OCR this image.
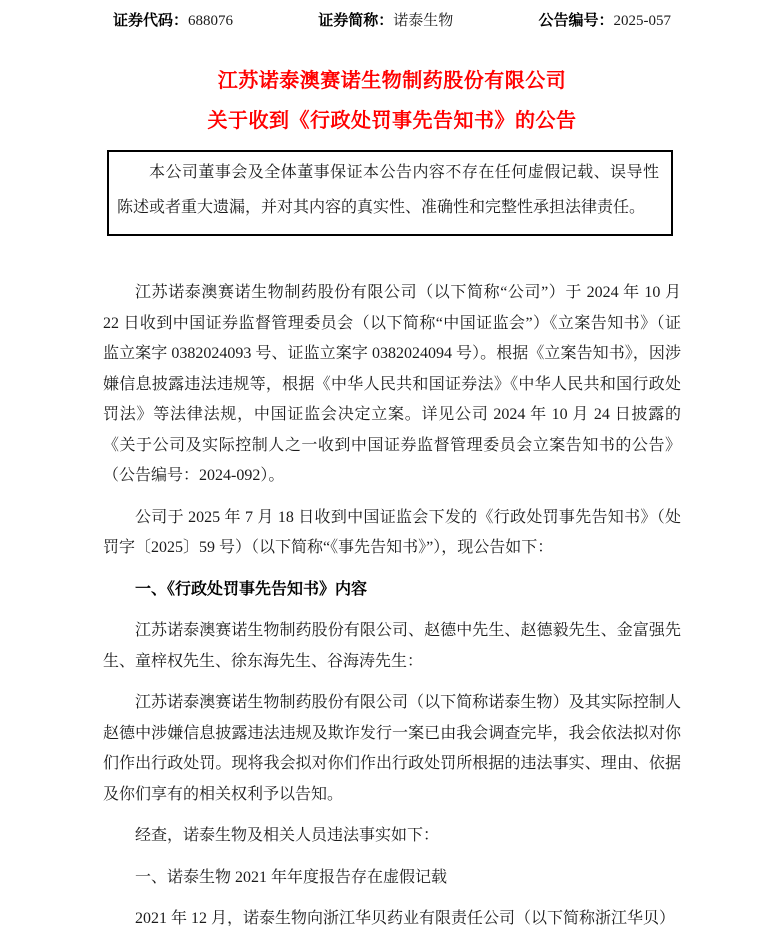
证券代码：688076	证券简称：诺泰生物	公告编号：2025-057
江苏诺泰澳赛诺生物制药股份有限公司
关于收到《行政处罚事先告知书》的公告
本公司董事会及全体董事保证本公告内容不存在任何虚假记载、误导性陈述或者重大遗漏，并对其内容的真实性、准确性和完整性承担法律责任。
江苏诺泰澳赛诺生物制药股份有限公司（以下简称“公司”）于 2024 年 10 月 22 日收到中国证券监督管理委员会（以下简称“中国证监会”）《立案告知书》（证监立案字 0382024093 号、证监立案字 0382024094 号）。根据《立案告知书》，因涉嫌信息披露违法违规等，根据《中华人民共和国证券法》《中华人民共和国行政处罚法》等法律法规，中国证监会决定立案。详见公司 2024 年 10 月 24 日披露的《关于公司及实际控制人之一收到中国证券监督管理委员会立案告知书的公告》（公告编号：2024-092）。
公司于 2025 年 7 月 18 日收到中国证监会下发的《行政处罚事先告知书》（处罚字〔2025〕59 号）（以下简称“《事先告知书》”），现公告如下：
一、《行政处罚事先告知书》内容
江苏诺泰澳赛诺生物制药股份有限公司、赵德中先生、赵德毅先生、金富强先生、童梓权先生、徐东海先生、谷海涛先生：
江苏诺泰澳赛诺生物制药股份有限公司（以下简称诺泰生物）及其实际控制人赵德中涉嫌信息披露违法违规及欺诈发行一案已由我会调查完毕，我会依法拟对你们作出行政处罚。现将我会拟对你们作出行政处罚所根据的违法事实、理由、依据及你们享有的相关权利予以告知。
经查，诺泰生物及相关人员违法事实如下：
一、诺泰生物 2021 年年度报告存在虚假记载
2021 年 12 月，诺泰生物向浙江华贝药业有限责任公司（以下简称浙江华贝）
